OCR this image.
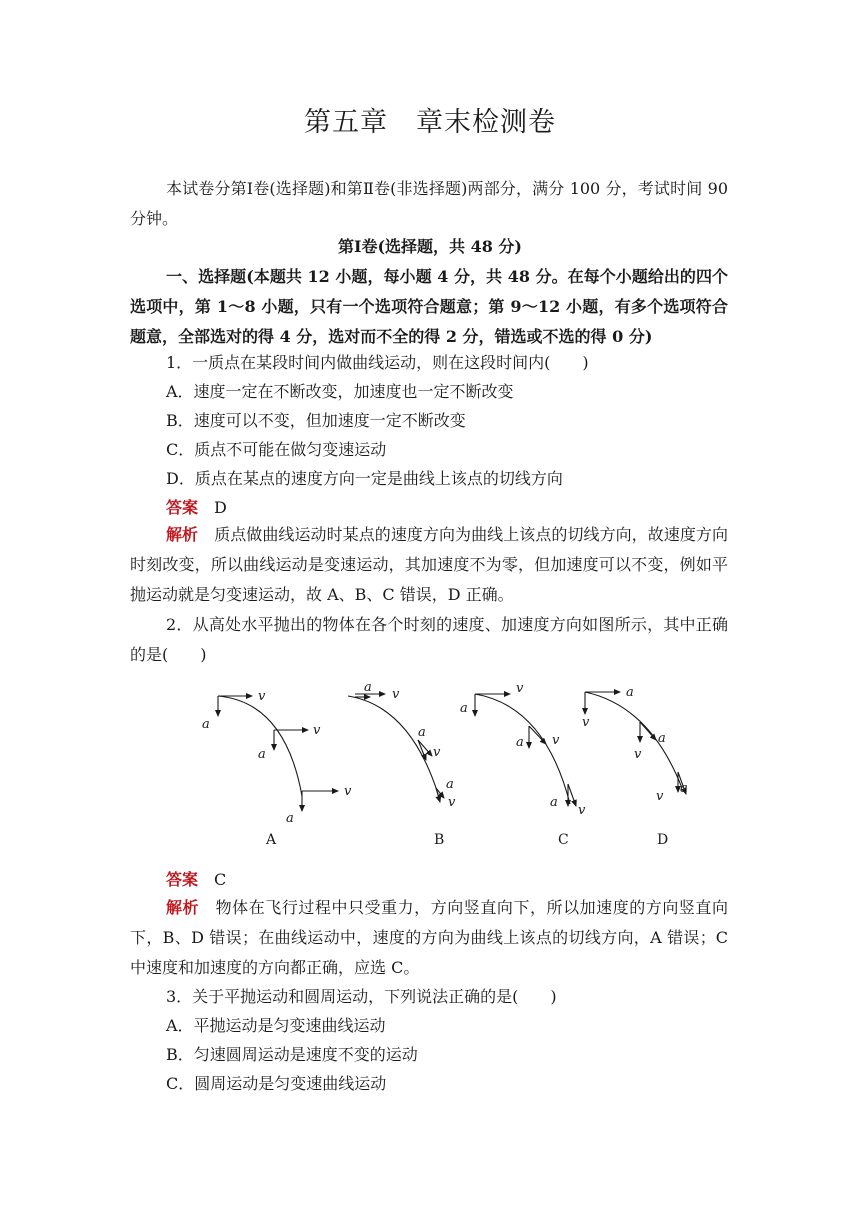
第五章　章末检测卷
本试卷分第Ⅰ卷(选择题)和第Ⅱ卷(非选择题)两部分，满分 100 分，考试时间 90 分钟。
第Ⅰ卷(选择题，共 48 分)
一、选择题(本题共 12 小题，每小题 4 分，共 48 分。在每个小题给出的四个选项中，第 1～8 小题，只有一个选项符合题意；第 9～12 小题，有多个选项符合题意，全部选对的得 4 分，选对而不全的得 2 分，错选或不选的得 0 分)
1．一质点在某段时间内做曲线运动，则在这段时间内(　　)
A．速度一定在不断改变，加速度也一定不断改变
B．速度可以不变，但加速度一定不断改变
C．质点不可能在做匀变速运动
D．质点在某点的速度方向一定是曲线上该点的切线方向
答案　 D
解析　 质点做曲线运动时某点的速度方向为曲线上该点的切线方向，故速度方向时刻改变，所以曲线运动是变速运动，其加速度不为零，但加速度可以不变，例如平抛运动就是匀变速运动，故 A、B、C 错误，D 正确。
2．从高处水平抛出的物体在各个时刻的速度、加速度方向如图所示，其中正确的是(　　)
v
a	v
a
v
a
a v
a
v
a
v
v
a
v
a
a
v
a
v
a
v
a
v
A	B	C	D
答案　 C
解析　 物体在飞行过程中只受重力，方向竖直向下，所以加速度的方向竖直向下，B、D 错误；在曲线运动中，速度的方向为曲线上该点的切线方向，A 错误；C 中速度和加速度的方向都正确，应选 C。
3．关于平抛运动和圆周运动，下列说法正确的是(　　)
A．平抛运动是匀变速曲线运动
B．匀速圆周运动是速度不变的运动
C．圆周运动是匀变速曲线运动
